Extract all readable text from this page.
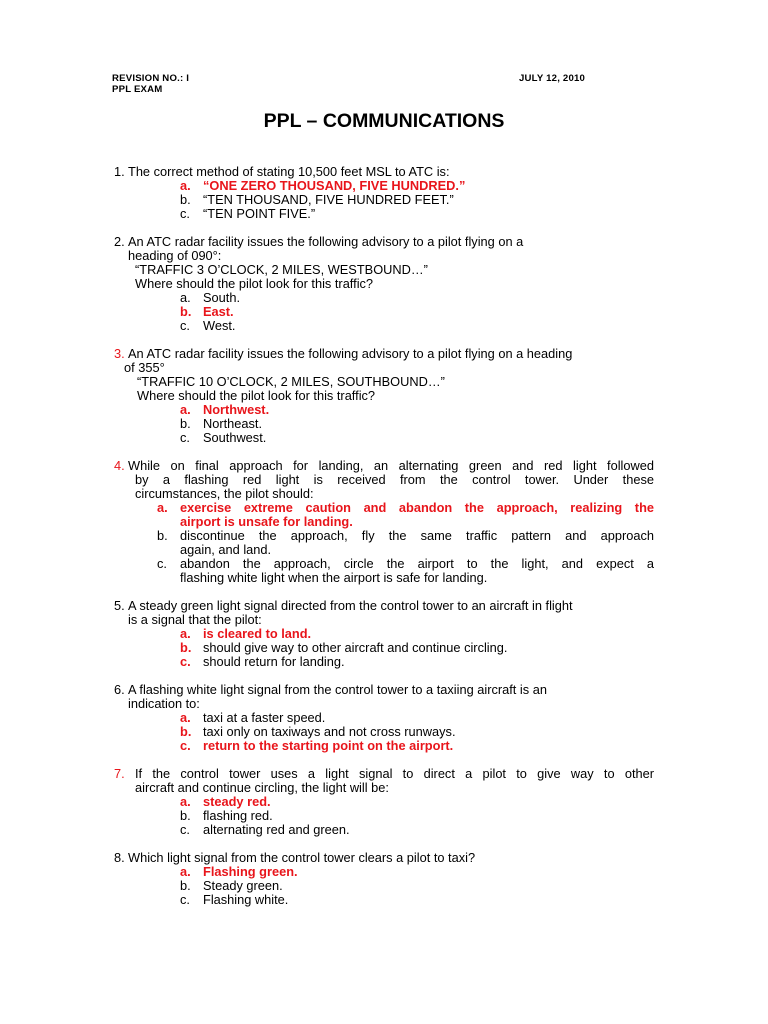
REVISION NO.: I
PPL EXAM
JULY 12, 2010
PPL – COMMUNICATIONS
1. The correct method of stating 10,500 feet MSL to ATC is:
a. “ONE ZERO THOUSAND, FIVE HUNDRED.”
b. “TEN THOUSAND, FIVE HUNDRED FEET.”
c. “TEN POINT FIVE.”
2. An ATC radar facility issues the following advisory to a pilot flying on a
heading of 090°:
“TRAFFIC 3 O’CLOCK, 2 MILES, WESTBOUND…”
Where should the pilot look for this traffic?
a. South.
b. East.
c. West.
3. An ATC radar facility issues the following advisory to a pilot flying on a heading
of 355°
“TRAFFIC 10 O’CLOCK, 2 MILES, SOUTHBOUND…”
Where should the pilot look for this traffic?
a. Northwest.
b. Northeast.
c. Southwest.
4. While on final approach for landing, an alternating green and red light followed
by a flashing red light is received from the control tower. Under these
circumstances, the pilot should:
a. exercise extreme caution and abandon the approach, realizing the
airport is unsafe for landing.
b. discontinue the approach, fly the same traffic pattern and approach
again, and land.
c. abandon the approach, circle the airport to the light, and expect a
flashing white light when the airport is safe for landing.
5. A steady green light signal directed from the control tower to an aircraft in flight
is a signal that the pilot:
a. is cleared to land.
b. should give way to other aircraft and continue circling.
c. should return for landing.
6. A flashing white light signal from the control tower to a taxiing aircraft is an
indication to:
a. taxi at a faster speed.
b. taxi only on taxiways and not cross runways.
c. return to the starting point on the airport.
7. If the control tower uses a light signal to direct a pilot to give way to other
aircraft and continue circling, the light will be:
a. steady red.
b. flashing red.
c. alternating red and green.
8. Which light signal from the control tower clears a pilot to taxi?
a. Flashing green.
b. Steady green.
c. Flashing white.
